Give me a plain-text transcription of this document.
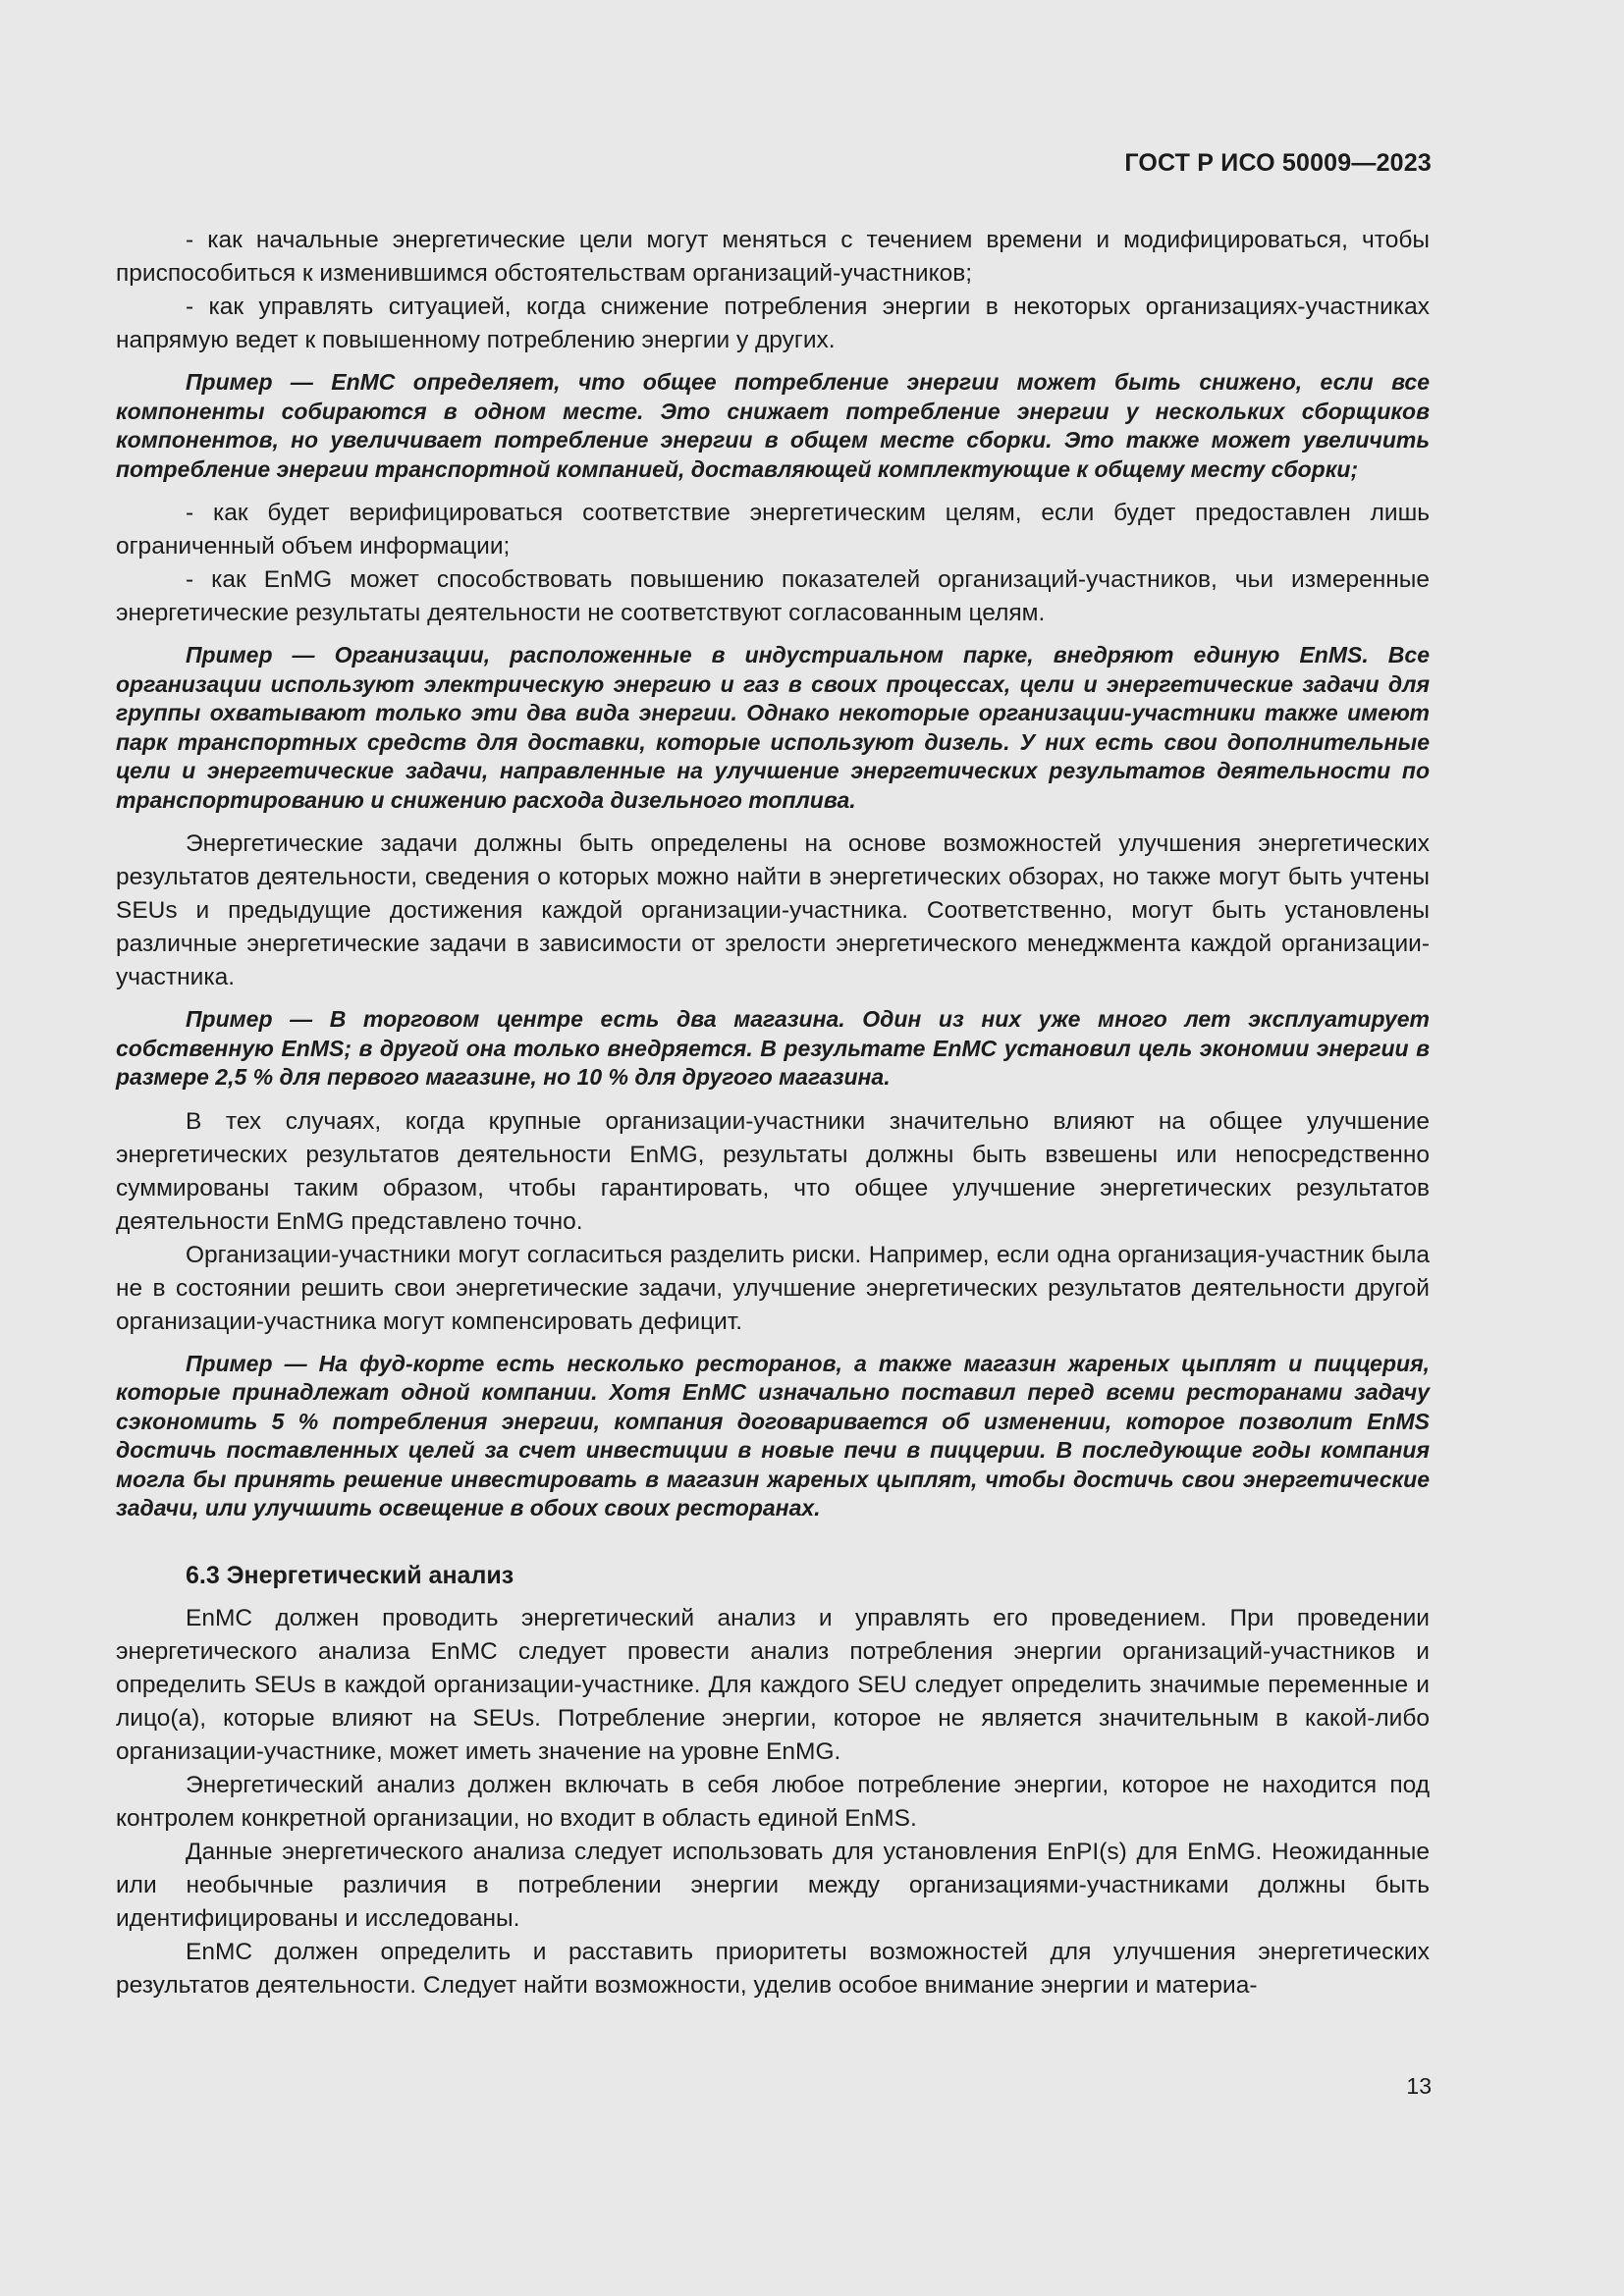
ГОСТ Р ИСО 50009—2023

- как начальные энергетические цели могут меняться с течением времени и модифицироваться, чтобы приспособиться к изменившимся обстоятельствам организаций-участников;

- как управлять ситуацией, когда снижение потребления энергии в некоторых организациях-участниках напрямую ведет к повышенному потреблению энергии у других.

Пример — EnMC определяет, что общее потребление энергии может быть снижено, если все компоненты собираются в одном месте. Это снижает потребление энергии у нескольких сборщиков компонентов, но увеличивает потребление энергии в общем месте сборки. Это также может увеличить потребление энергии транспортной компанией, доставляющей комплектующие к общему месту сборки;

- как будет верифицироваться соответствие энергетическим целям, если будет предоставлен лишь ограниченный объем информации;

- как EnMG может способствовать повышению показателей организаций-участников, чьи измеренные энергетические результаты деятельности не соответствуют согласованным целям.

Пример — Организации, расположенные в индустриальном парке, внедряют единую EnMS. Все организации используют электрическую энергию и газ в своих процессах, цели и энергетические задачи для группы охватывают только эти два вида энергии. Однако некоторые организации-участники также имеют парк транспортных средств для доставки, которые используют дизель. У них есть свои дополнительные цели и энергетические задачи, направленные на улучшение энергетических результатов деятельности по транспортированию и снижению расхода дизельного топлива.

Энергетические задачи должны быть определены на основе возможностей улучшения энергетических результатов деятельности, сведения о которых можно найти в энергетических обзорах, но также могут быть учтены SEUs и предыдущие достижения каждой организации-участника. Соответственно, могут быть установлены различные энергетические задачи в зависимости от зрелости энергетического менеджмента каждой организации-участника.

Пример — В торговом центре есть два магазина. Один из них уже много лет эксплуатирует собственную EnMS; в другой она только внедряется. В результате EnMC установил цель экономии энергии в размере 2,5 % для первого магазине, но 10 % для другого магазина.

В тех случаях, когда крупные организации-участники значительно влияют на общее улучшение энергетических результатов деятельности EnMG, результаты должны быть взвешены или непосредственно суммированы таким образом, чтобы гарантировать, что общее улучшение энергетических результатов деятельности EnMG представлено точно.

Организации-участники могут согласиться разделить риски. Например, если одна организация-участник была не в состоянии решить свои энергетические задачи, улучшение энергетических результатов деятельности другой организации-участника могут компенсировать дефицит.

Пример — На фуд-корте есть несколько ресторанов, а также магазин жареных цыплят и пиццерия, которые принадлежат одной компании. Хотя EnMC изначально поставил перед всеми ресторанами задачу сэкономить 5 % потребления энергии, компания договаривается об изменении, которое позволит EnMS достичь поставленных целей за счет инвестиции в новые печи в пиццерии. В последующие годы компания могла бы принять решение инвестировать в магазин жареных цыплят, чтобы достичь свои энергетические задачи, или улучшить освещение в обоих своих ресторанах.

6.3 Энергетический анализ

EnMC должен проводить энергетический анализ и управлять его проведением. При проведении энергетического анализа EnMC следует провести анализ потребления энергии организаций-участников и определить SEUs в каждой организации-участнике. Для каждого SEU следует определить значимые переменные и лицо(а), которые влияют на SEUs. Потребление энергии, которое не является значительным в какой-либо организации-участнике, может иметь значение на уровне EnMG.

Энергетический анализ должен включать в себя любое потребление энергии, которое не находится под контролем конкретной организации, но входит в область единой EnMS.

Данные энергетического анализа следует использовать для установления EnPI(s) для EnMG. Неожиданные или необычные различия в потреблении энергии между организациями-участниками должны быть идентифицированы и исследованы.

EnMC должен определить и расставить приоритеты возможностей для улучшения энергетических результатов деятельности. Следует найти возможности, уделив особое внимание энергии и материа-

13
